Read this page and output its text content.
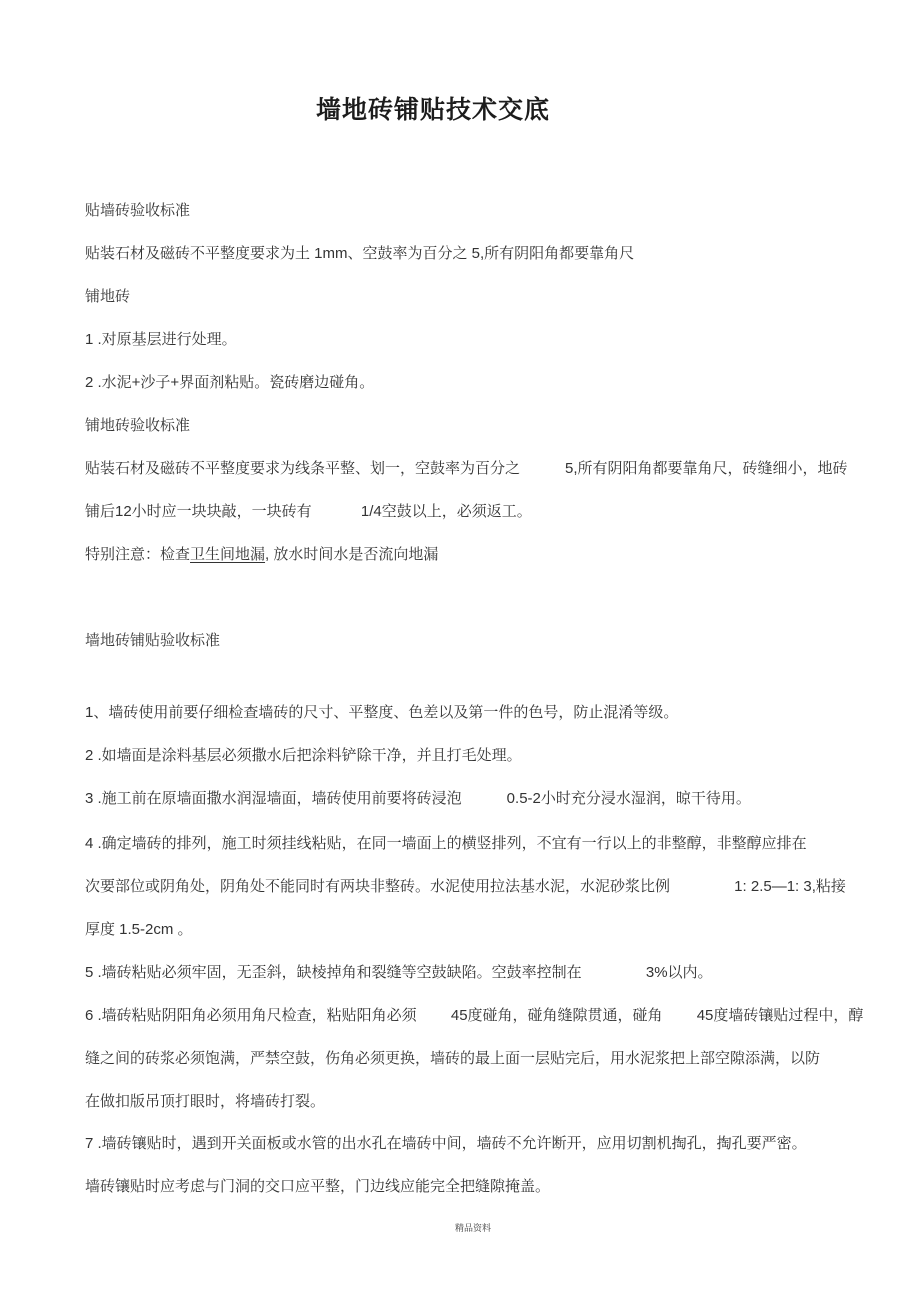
墙地砖铺贴技术交底
贴墙砖验收标准
贴装石材及磁砖不平整度要求为土 1mm、空鼓率为百分之 5,所有阴阳角都要靠角尺
铺地砖
1 .对原基层进行处理。
2 .水泥+沙子+界面剂粘贴。瓷砖磨边碰角。
铺地砖验收标准
贴装石材及磁砖不平整度要求为线条平整、划一，空鼓率为百分之　　　5,所有阴阳角都要靠角尺，砖缝细小，地砖
铺后12小时应一块块敲，一块砖有　　　 1/4空鼓以上，必须返工。
特别注意：检查卫生间地漏, 放水时间水是否流向地漏
墙地砖铺贴验收标准
1、墙砖使用前要仔细检查墙砖的尺寸、平整度、色差以及第一件的色号，防止混淆等级。
2 .如墙面是涂料基层必须撒水后把涂料铲除干净，并且打毛处理。
3 .施工前在原墙面撒水润湿墙面，墙砖使用前要将砖浸泡　　　0.5-2小时充分浸水湿润，晾干待用。
4 .确定墙砖的排列，施工时须挂线粘贴，在同一墙面上的横竖排列，不宜有一行以上的非整醇，非整醇应排在
次要部位或阴角处，阴角处不能同时有两块非整砖。水泥使用拉法基水泥，水泥砂浆比例　　　　 1: 2.5—1: 3,粘接
厚度 1.5-2cm 。
5 .墙砖粘贴必须牢固，无歪斜，缺棱掉角和裂缝等空鼓缺陷。空鼓率控制在　　　　 3%以内。
6 .墙砖粘贴阴阳角必须用角尺检查，粘贴阳角必须　　 45度碰角，碰角缝隙贯通，碰角　　 45度墙砖镶贴过程中，醇
缝之间的砖浆必须饱满，严禁空鼓，伤角必须更换，墙砖的最上面一层贴完后，用水泥浆把上部空隙添满，以防
在做扣版吊顶打眼时，将墙砖打裂。
7 .墙砖镶贴时，遇到开关面板或水管的出水孔在墙砖中间，墙砖不允许断开，应用切割机掏孔，掏孔要严密。
墙砖镶贴时应考虑与门洞的交口应平整，门边线应能完全把缝隙掩盖。
精品资料
